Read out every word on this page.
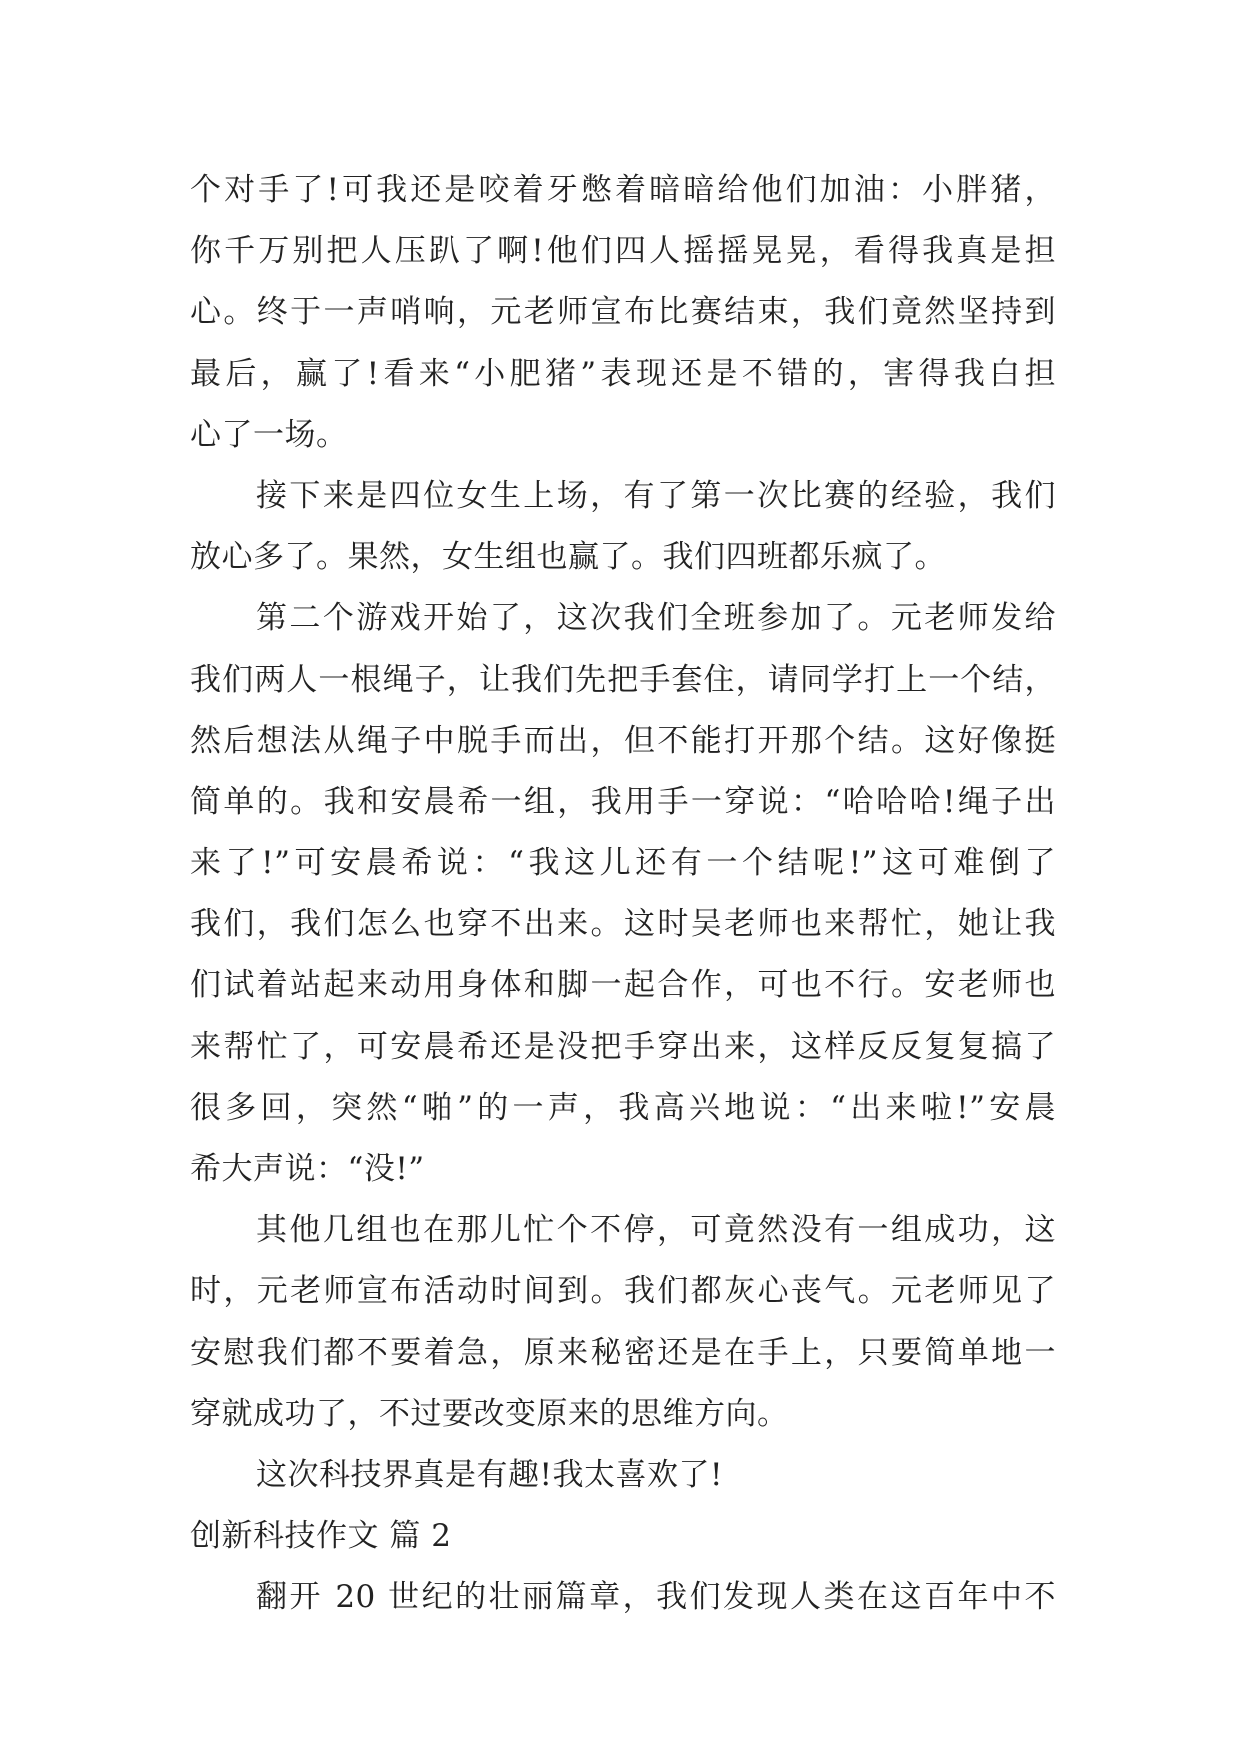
个对手了!可我还是咬着牙憋着暗暗给他们加油：小胖猪，
你千万别把人压趴了啊!他们四人摇摇晃晃，看得我真是担
心。终于一声哨响，元老师宣布比赛结束，我们竟然坚持到
最后，赢了!看来“小肥猪”表现还是不错的，害得我白担
心了一场。
接下来是四位女生上场，有了第一次比赛的经验，我们
放心多了。果然，女生组也赢了。我们四班都乐疯了。
第二个游戏开始了，这次我们全班参加了。元老师发给
我们两人一根绳子，让我们先把手套住，请同学打上一个结，
然后想法从绳子中脱手而出，但不能打开那个结。这好像挺
简单的。我和安晨希一组，我用手一穿说：“哈哈哈!绳子出
来了!”可安晨希说：“我这儿还有一个结呢!”这可难倒了
我们，我们怎么也穿不出来。这时吴老师也来帮忙，她让我
们试着站起来动用身体和脚一起合作，可也不行。安老师也
来帮忙了，可安晨希还是没把手穿出来，这样反反复复搞了
很多回，突然“啪”的一声，我高兴地说：“出来啦!”安晨
希大声说：“没!”
其他几组也在那儿忙个不停，可竟然没有一组成功，这
时，元老师宣布活动时间到。我们都灰心丧气。元老师见了
安慰我们都不要着急，原来秘密还是在手上，只要简单地一
穿就成功了，不过要改变原来的思维方向。
这次科技界真是有趣!我太喜欢了!
创新科技作文 篇 2
翻开 20 世纪的壮丽篇章，我们发现人类在这百年中不
